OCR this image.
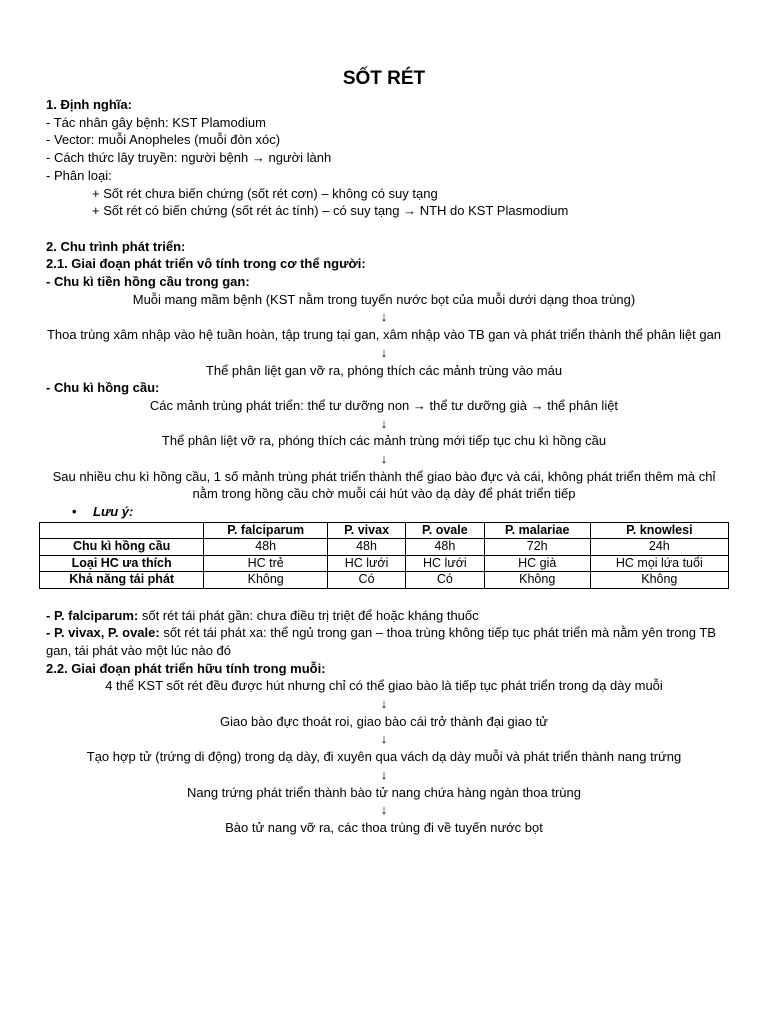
SỐT RÉT
1. Định nghĩa:
- Tác nhân gây bệnh: KST Plamodium
- Vector: muỗi Anopheles (muỗi đòn xóc)
- Cách thức lây truyền: người bệnh → người lành
- Phân loại:
+ Sốt rét chưa biến chứng (sốt rét cơn) – không có suy tạng
+ Sốt rét có biến chứng (sốt rét ác tính) – có suy tạng → NTH do KST Plasmodium
2. Chu trình phát triển:
2.1. Giai đoạn phát triển vô tính trong cơ thể người:
- Chu kì tiền hồng cầu trong gan:
Muỗi mang mầm bệnh (KST nằm trong tuyến nước bọt của muỗi dưới dạng thoa trùng)
↓
Thoa trùng xâm nhập vào hệ tuần hoàn, tập trung tại gan, xâm nhập vào TB gan và phát triển thành thể phân liệt gan
↓
Thể phân liệt gan vỡ ra, phóng thích các mảnh trùng vào máu
- Chu kì hồng cầu:
Các mảnh trùng phát triển: thể tư dưỡng non → thể tư dưỡng già → thể phân liệt
↓
Thể phân liệt vỡ ra, phóng thích các mảnh trùng mới tiếp tục chu kì hồng cầu
↓
Sau nhiều chu kì hồng cầu, 1 số mảnh trùng phát triển thành thể giao bào đực và cái, không phát triển thêm mà chỉ nằm trong hồng cầu chờ muỗi cái hút vào dạ dày để phát triển tiếp
• Lưu ý:
	P. falciparum	P. vivax	P. ovale	P. malariae	P. knowlesi
Chu kì hồng cầu	48h	48h	48h	72h	24h
Loại HC ưa thích	HC trẻ	HC lưới	HC lưới	HC già	HC mọi lứa tuổi
Khả năng tái phát	Không	Có	Có	Không	Không
- P. falciparum: sốt rét tái phát gần: chưa điều trị triệt để hoặc kháng thuốc
- P. vivax, P. ovale: sốt rét tái phát xa: thể ngủ trong gan – thoa trùng không tiếp tục phát triển mà nằm yên trong TB gan, tái phát vào một lúc nào đó
2.2. Giai đoạn phát triển hữu tính trong muỗi:
4 thể KST sốt rét đều được hút nhưng chỉ có thể giao bào là tiếp tục phát triển trong dạ dày muỗi
↓
Giao bào đực thoát roi, giao bào cái trở thành đại giao tử
↓
Tạo hợp tử (trứng di động) trong dạ dày, đi xuyên qua vách dạ dày muỗi và phát triển thành nang trứng
↓
Nang trứng phát triển thành bào tử nang chứa hàng ngàn thoa trùng
↓
Bào tử nang vỡ ra, các thoa trùng đi về tuyến nước bọt
